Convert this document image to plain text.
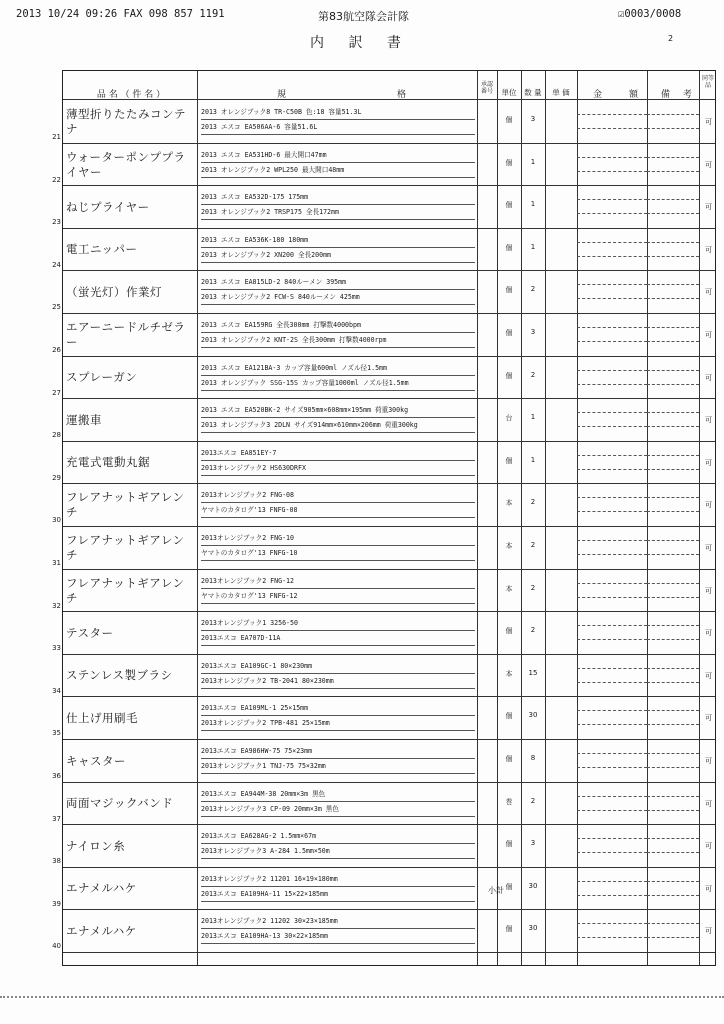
2013 10/24 09:26 FAX 098 857 1191	第83航空隊会計隊	☑0003/0008
内 訳 書	2
品 名 （ 件 名 ）	規	格
承認 番号	単位	数 量	単 価	金	額	備 考
同等 品
21
薄型折りたたみコンテナ
2013 オレンジブック8 TR-C50B 色:18 容量51.3L
2013 エスコ EA506AA-6 容量51.6L
個	3	可
22
ウォーターポンププライヤー
2013 エスコ EA531HD-6 最大開口47mm
2013 オレンジブック2 WPL250 最大開口48mm
個	1	可
23
ねじプライヤー
2013 エスコ EA532D-175 175mm
2013 オレンジブック2 TRSP175 全長172mm
個	1	可
24
電工ニッパー
2013 エスコ EA536K-180 180mm
2013 オレンジブック2 XN200 全長200mm
個	1	可
25
（蛍光灯）作業灯
2013 エスコ EA815LD-2 840ルーメン 395mm
2013 オレンジブック2 FCW-S 840ルーメン 425mm
個	2	可
26
エアーニードルチゼラー
2013 エスコ EA159RG 全長300mm 打撃数4000bpm
2013 オレンジブック2 KNT-2S 全長300mm 打撃数4000rpm
個	3	可
27
スプレーガン
2013 エスコ EA121BA-3 カップ容量600ml ノズル径1.5mm
2013 オレンジブック SSG-15S カップ容量1000ml ノズル径1.5mm
個	2	可
28
運搬車
2013 エスコ EA520BK-2 サイズ905mm×608mm×195mm 荷重300kg
2013 オレンジブック3 2DLN サイズ914mm×610mm×206mm 荷重300kg
台	1	可
29
充電式電動丸鋸
2013エスコ EA851EY-7
2013オレンジブック2 HS630DRFX
個	1	可
30
フレアナットギアレンチ
2013オレンジブック2 FNG-08
ヤマトのカタログ'13 FNFG-08
本	2	可
31
フレアナットギアレンチ
2013オレンジブック2 FNG-10
ヤマトのカタログ'13 FNFG-10
本	2	可
32
フレアナットギアレンチ
2013オレンジブック2 FNG-12
ヤマトのカタログ'13 FNFG-12
本	2	可
33
テスター
2013オレンジブック1 3256-50
2013エスコ EA707D-11A
個	2	可
34
ステンレス製ブラシ
2013エスコ EA109GC-1 80×230mm
2013オレンジブック2 TB-2041 80×230mm
本	15	可
35
仕上げ用刷毛
2013エスコ EA109ML-1 25×15mm
2013オレンジブック2 TPB-481 25×15mm
個	30	可
36
キャスター
2013エスコ EA986HW-75 75×23mm
2013オレンジブック1 TNJ-75 75×32mm
個	8	可
37
両面マジックバンド
2013エスコ EA944M-38 20mm×3m 黒色
2013オレンジブック3 CP-09 20mm×3m 黒色
巻	2	可
38
ナイロン糸
2013エスコ EA628AG-2 1.5mm×67m
2013オレンジブック3 A-284 1.5mm×50m
個	3	可
39
エナメルハケ
2013オレンジブック2 11201 16×19×180mm
2013エスコ EA109HA-11 15×22×185mm
個	30	可
40
エナメルハケ
2013オレンジブック2 11202 30×23×185mm
2013エスコ EA109HA-13 30×22×185mm
個	30	可
小計
